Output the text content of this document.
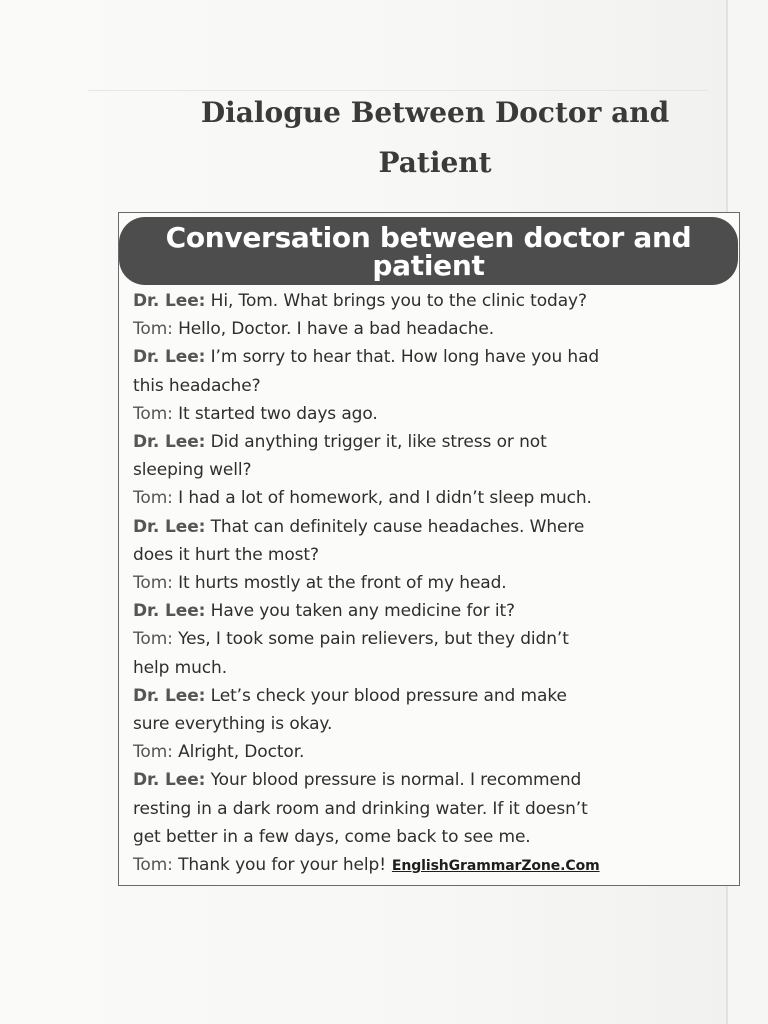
Dialogue Between Doctor and Patient

Conversation between doctor and patient

Dr. Lee: Hi, Tom. What brings you to the clinic today?
Tom: Hello, Doctor. I have a bad headache.
Dr. Lee: I’m sorry to hear that. How long have you had
this headache?
Tom: It started two days ago.
Dr. Lee: Did anything trigger it, like stress or not
sleeping well?
Tom: I had a lot of homework, and I didn’t sleep much.
Dr. Lee: That can definitely cause headaches. Where
does it hurt the most?
Tom: It hurts mostly at the front of my head.
Dr. Lee: Have you taken any medicine for it?
Tom: Yes, I took some pain relievers, but they didn’t
help much.
Dr. Lee: Let’s check your blood pressure and make
sure everything is okay.
Tom: Alright, Doctor.
Dr. Lee: Your blood pressure is normal. I recommend
resting in a dark room and drinking water. If it doesn’t
get better in a few days, come back to see me.
Tom: Thank you for your help! EnglishGrammarZone.Com
